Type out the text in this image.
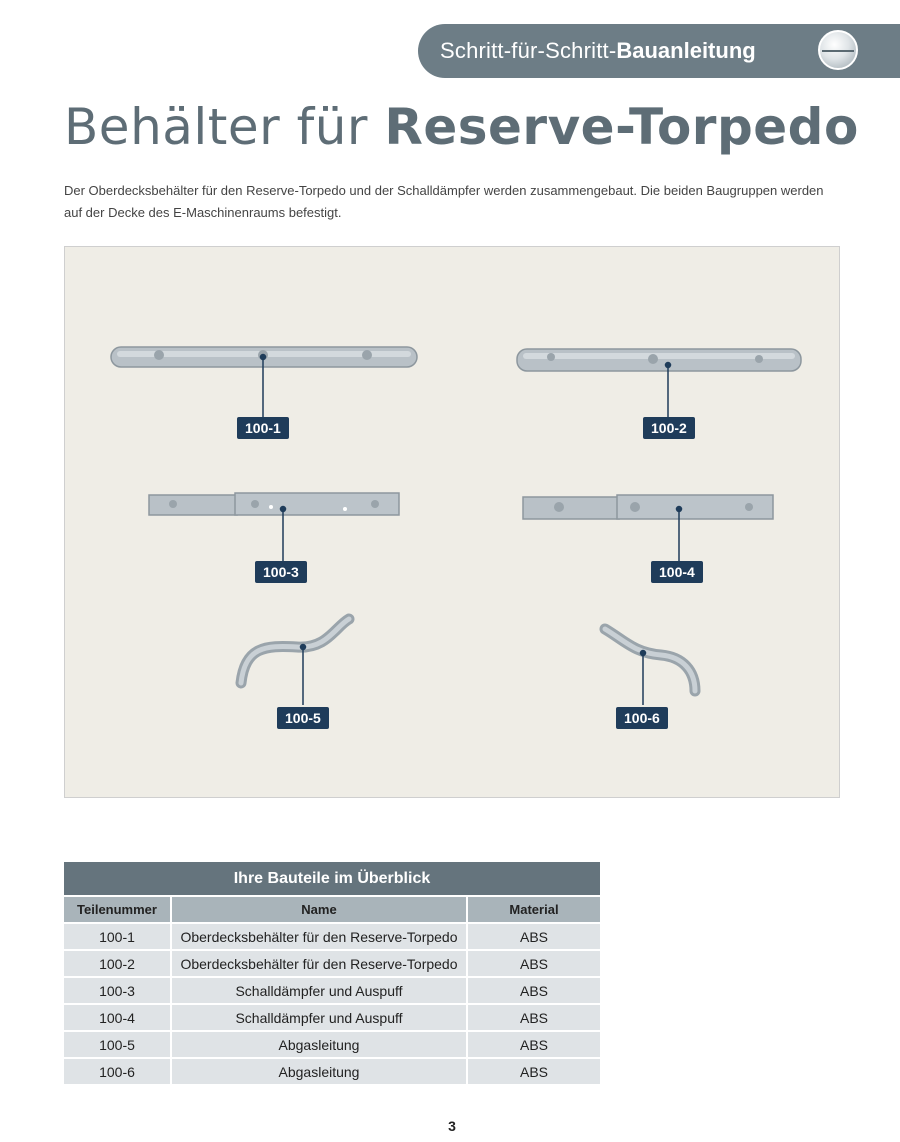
Schritt-für-Schritt- Bauanleitung
Behälter für Reserve-Torpedo

Der Oberdecksbehälter für den Reserve-Torpedo und der Schalldämpfer werden zusammengebaut. Die beiden Baugruppen werden auf der Decke des E-Maschinenraums befestigt.

100-1	100-2
100-3	100-4
100-5	100-6
Ihre Bauteile im Überblick		
Teilenummer	Name	Material
100-1	Oberdecksbehälter für den Reserve-Torpedo	ABS
100-2	Oberdecksbehälter für den Reserve-Torpedo	ABS
100-3	Schalldämpfer und Auspuff	ABS
100-4	Schalldämpfer und Auspuff	ABS
100-5	Abgasleitung	ABS
100-6	Abgasleitung	ABS
3
